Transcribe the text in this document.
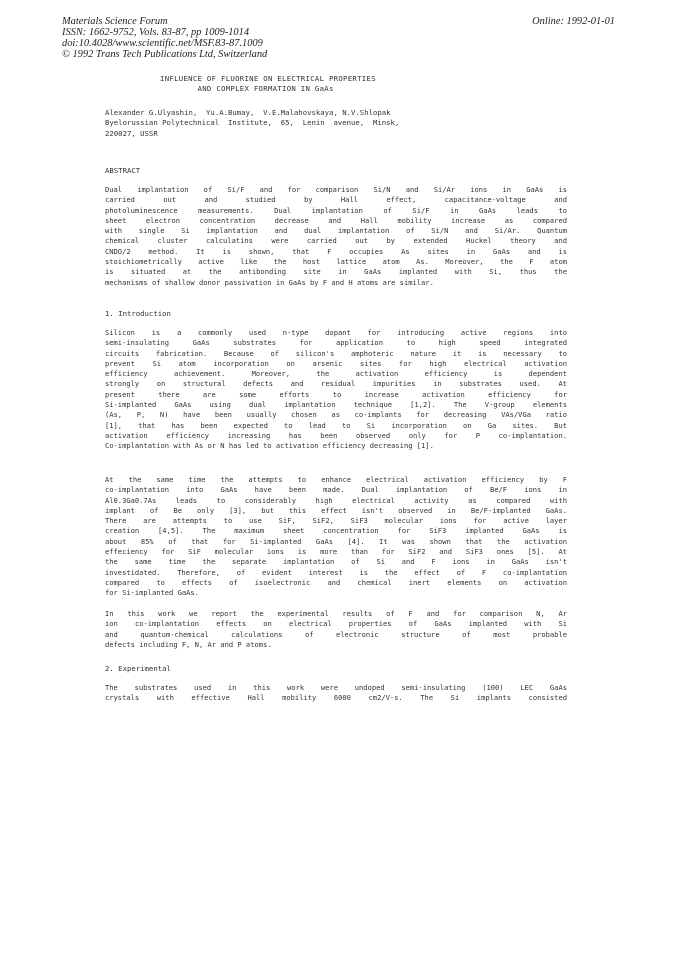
Materials Science Forum
ISSN: 1662-9752, Vols. 83-87, pp 1009-1014
doi:10.4028/www.scientific.net/MSF.83-87.1009
© 1992 Trans Tech Publications Ltd, Switzerland
Online: 1992-01-01
INFLUENCE OF FLUORINE ON ELECTRICAL PROPERTIES
AND COMPLEX FORMATION IN GaAs
Alexander G.Ulyashin,  Yu.A.Bumay,  V.E.Malahovskaya, N.V.Shlopak
Byelorussian Polytechnical  Institute,  65,  Lenin  avenue,  Minsk,
220027, USSR
ABSTRACT

Dual implantation of Si/F and for comparison Si/N and Si/Ar ions in GaAs is

carried out and studied by Hall effect, capacitance-voltage and

photoluminescence measurements. Dual implantation of Si/F in GaAs leads to

sheet electron concentration decrease and Hall mobility increase as compared

with single Si implantation and dual implantation of Si/N and Si/Ar. Quantum

chemical cluster calculatins were carried out by extended Huckel theory and

CNDO/2 method. It is shown, that F occupies As sites in GaAs and is

stoichiometrically active like the host lattice atom As. Moreover, the F atom

is situated at the antibonding site in GaAs implanted with Si, thus the

mechanisms of shallow donor passivation in GaAs by F and H atoms are similar.

1. Introduction

Silicon is a commonly used n-type dopant for introducing active regions into

semi-insulating GaAs substrates for application to high speed integrated

circuits fabrication. Because of silicon's amphoteric nature it is necessary to

prevent Si atom incorporation on arsenic sites for high electrical activation

efficiency achievement. Moreover, the activation efficiency is dependent

strongly on structural defects and residual impurities in substrates used. At

present there are some efforts to increase activation efficiency for

Si-implanted GaAs using dual implantation technique [1,2]. The V-group elements

(As, P, N) have been usually chosen as co-implants for decreasing VAs/VGa ratio

[1], that has been expected to lead to Si incorporation on Ga sites. But

activation efficiency increasing has been observed only for P co-implantation.

Co-implantation with As or N has led to activation efficiency decreasing [1].

At the same time the attempts to enhance electrical activation efficiency by F

co-implantation into GaAs have been made. Dual implantation of Be/F ions in

Al0.3Ga0.7As leads to considerably high electrical activity as compared with

implant of Be only [3], but this effect isn't observed in Be/F-implanted GaAs.

There are attempts to use SiF, SiF2, SiF3 molecular ions for active layer

creation [4,5]. The maximum sheet concentration for SiF3 implanted GaAs is

about 85% of that for Si-implanted GaAs [4]. It was shown that the activation

effeciency for SiF molecular ions is more than for SiF2 and SiF3 ones [5]. At

the same time the separate implantation of Si and F ions in GaAs isn't

investidated. Therefore, of evident interest is the effect of F co-implantation

compared to effects of isoelectronic and chemical inert elements on activation

for Si-implanted GaAs.

In this work we report the experimental results of F and for comparison N, Ar

ion co-implantation effects on electrical properties of GaAs implanted with Si

and quantum-chemical calculations of electronic structure of most probable

defects including F, N, Ar and P atoms.

2. Experimental

The substrates used in this work were undoped semi-insulating (100) LEC GaAs

crystals with effective Hall mobility 6000 cm2/V-s. The Si implants consisted
